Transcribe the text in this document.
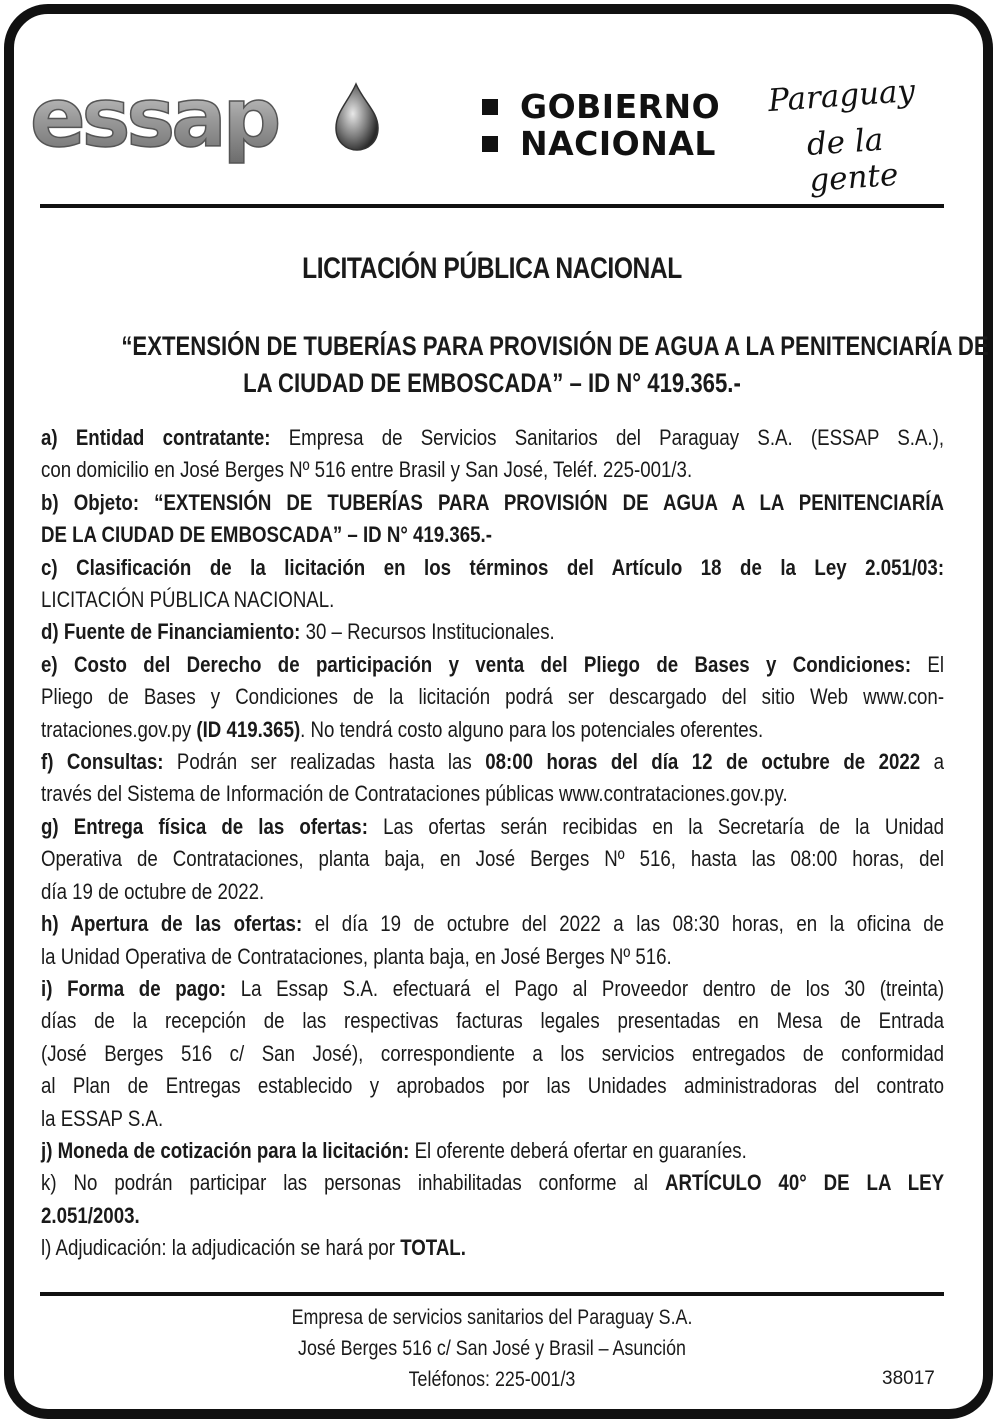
essap	GOBIERNO
NACIONAL
Paraguay
de la gente
LICITACIÓN PÚBLICA NACIONAL
“EXTENSIÓN DE TUBERÍAS PARA PROVISIÓN DE AGUA A LA PENITENCIARÍA DE
LA CIUDAD DE EMBOSCADA” – ID N° 419.365.-
a) Entidad contratante: Empresa de Servicios Sanitarios del Paraguay S.A. (ESSAP S.A.),
con domicilio en José Berges Nº 516 entre Brasil y San José, Teléf. 225-001/3.
b) Objeto: “EXTENSIÓN DE TUBERÍAS PARA PROVISIÓN DE AGUA A LA PENITENCIARÍA
DE LA CIUDAD DE EMBOSCADA” – ID N° 419.365.-
c) Clasificación de la licitación en los términos del Artículo 18 de la Ley 2.051/03:
LICITACIÓN PÚBLICA NACIONAL.
d) Fuente de Financiamiento: 30 – Recursos Institucionales.
e) Costo del Derecho de participación y venta del Pliego de Bases y Condiciones: El
Pliego de Bases y Condiciones de la licitación podrá ser descargado del sitio Web www.con-
trataciones.gov.py (ID 419.365). No tendrá costo alguno para los potenciales oferentes.
f) Consultas: Podrán ser realizadas hasta las 08:00 horas del día 12 de octubre de 2022 a
través del Sistema de Información de Contrataciones públicas www.contrataciones.gov.py.
g) Entrega física de las ofertas: Las ofertas serán recibidas en la Secretaría de la Unidad
Operativa de Contrataciones, planta baja, en José Berges Nº 516, hasta las 08:00 horas, del
día 19 de octubre de 2022.
h) Apertura de las ofertas: el día 19 de octubre del 2022 a las 08:30 horas, en la oficina de
la Unidad Operativa de Contrataciones, planta baja, en José Berges Nº 516.
i) Forma de pago: La Essap S.A. efectuará el Pago al Proveedor dentro de los 30 (treinta)
días de la recepción de las respectivas facturas legales presentadas en Mesa de Entrada
(José Berges 516 c/ San José), correspondiente a los servicios entregados de conformidad
al Plan de Entregas establecido y aprobados por las Unidades administradoras del contrato
la ESSAP S.A.
j) Moneda de cotización para la licitación: El oferente deberá ofertar en guaraníes.
k) No podrán participar las personas inhabilitadas conforme al ARTÍCULO 40° DE LA LEY
2.051/2003.
l) Adjudicación: la adjudicación se hará por TOTAL.
Empresa de servicios sanitarios del Paraguay S.A.
José Berges 516 c/ San José y Brasil – Asunción
Teléfonos: 225-001/3	38017
